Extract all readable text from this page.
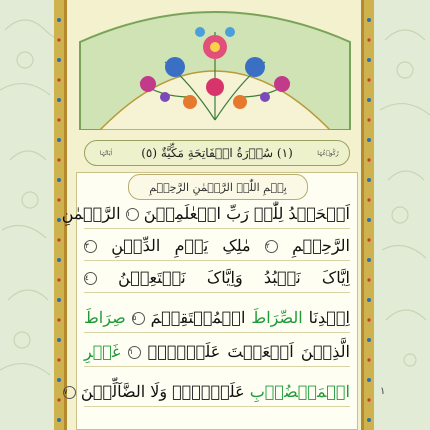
اٰیَاتُہَا	(١) سُوۡرَةُ الۡفَاتِحَةِ مَكِّيَّةٌ (٥)	رُکُوۡعُہَا
بِسۡمِ اللّٰہِ الرَّحۡمٰنِ الرَّحِیۡمِ
اَلۡحَمۡدُ لِلّٰہِ رَبِّ الۡعٰلَمِیۡنَ ١ الرَّحۡمٰنِ
الرَّحِیۡمِ ٢ مٰلِکِ یَوۡمِ الدِّیۡنِ ٣
اِیَّاکَ نَعۡبُدُ وَاِیَّاکَ نَسۡتَعِیۡنُ ٤
اِہۡدِنَا الصِّرَاطَ الۡمُسۡتَقِیۡمَ ٥ صِرَاطَ
الَّذِیۡنَ اَنۡعَمۡتَ عَلَیۡہِمۡ ٦ غَیۡرِ
الۡمَغۡضُوۡبِ عَلَیۡہِمۡ وَلَا الضَّآلِّیۡنَ ٧	١
